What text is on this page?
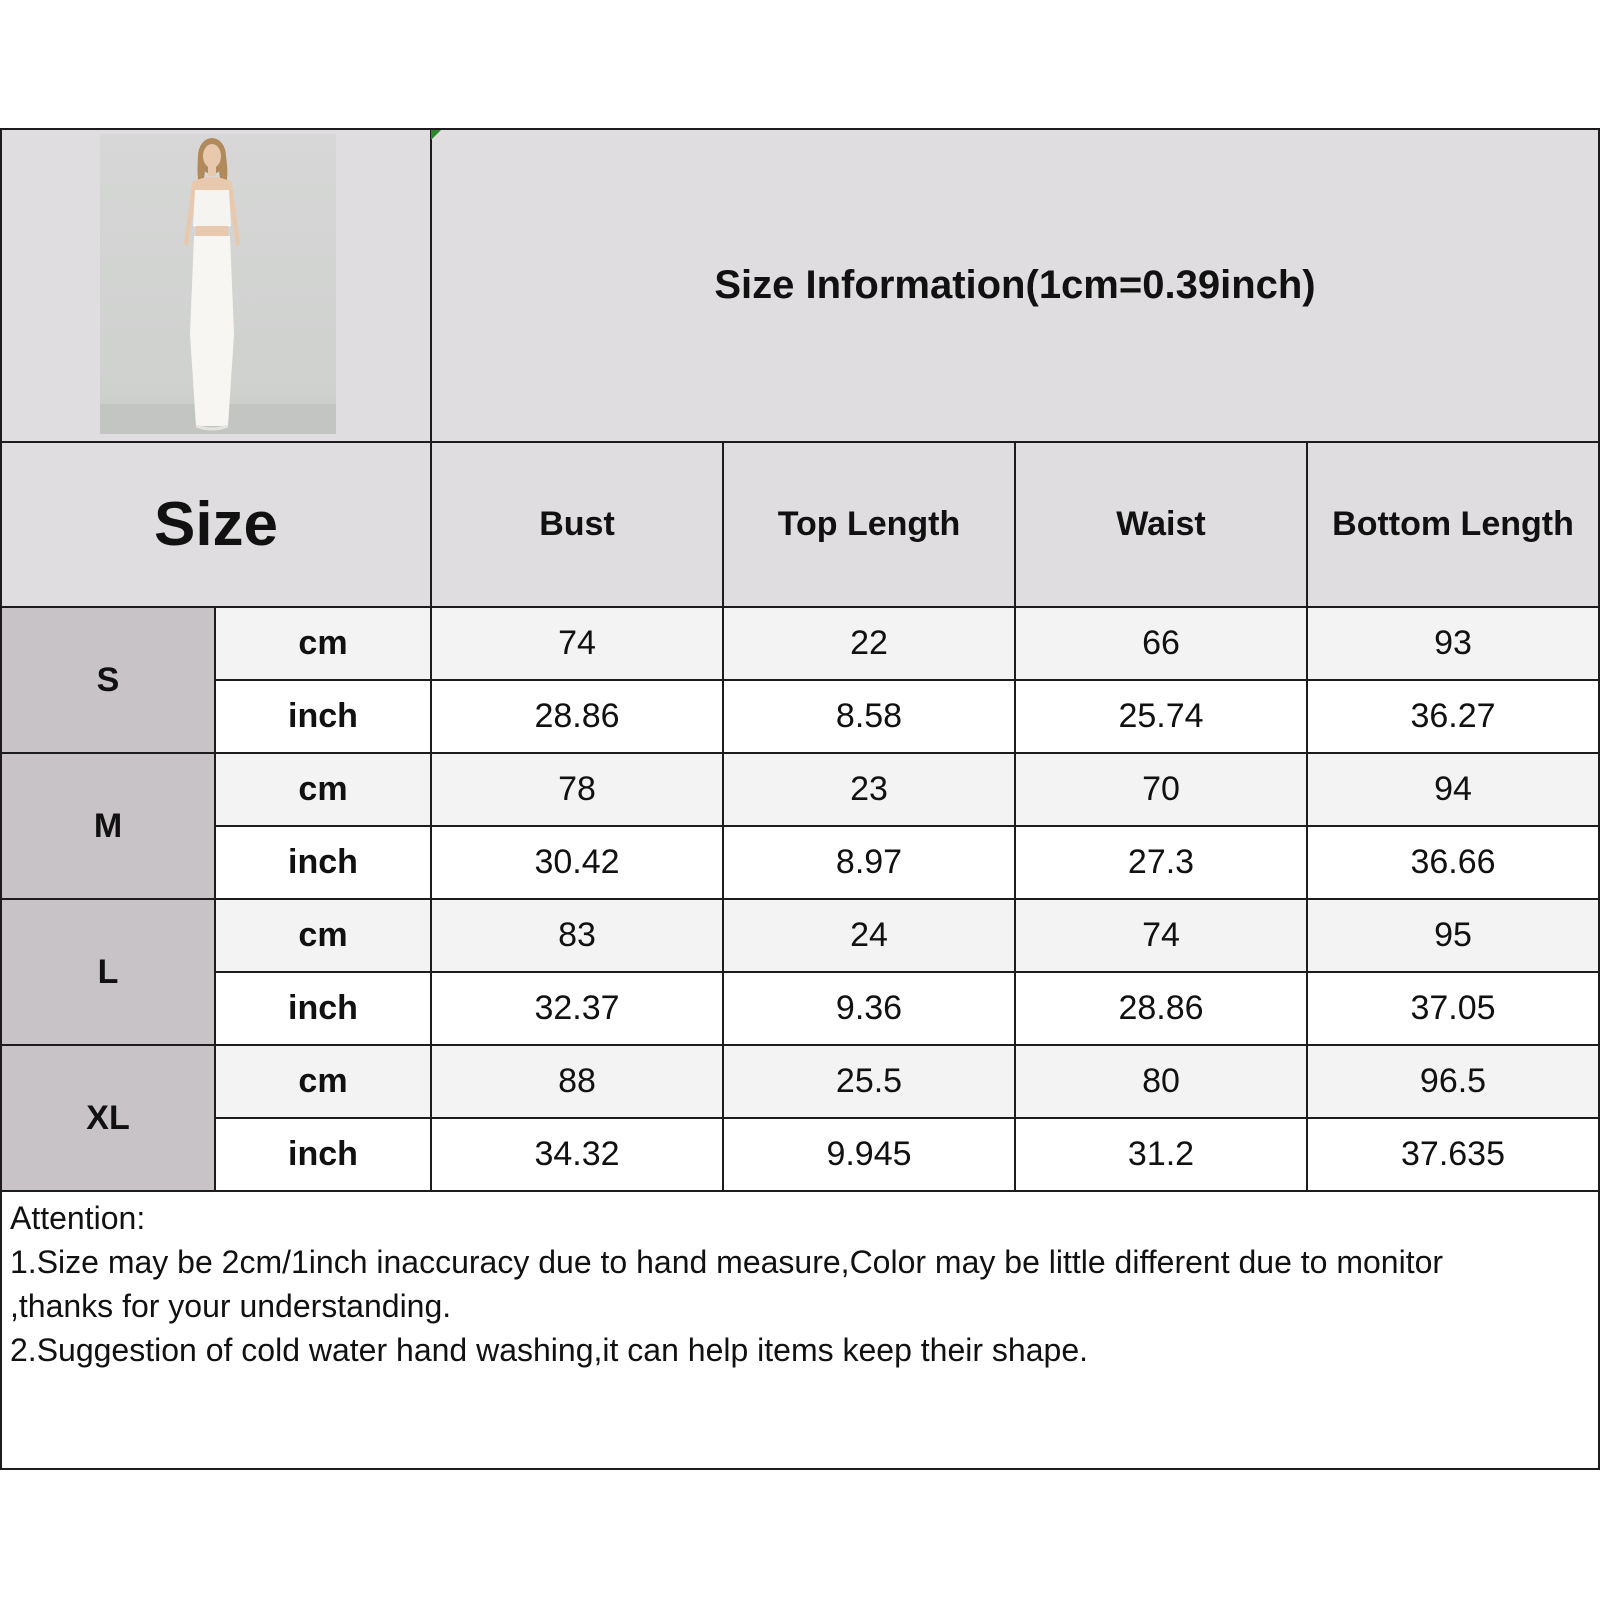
Size Information(1cm=0.39inch)
Size	Bust	Top Length	Waist	Bottom Length
S
cm	74	22	66	93
inch	28.86	8.58	25.74	36.27
M
cm	78	23	70	94
inch	30.42	8.97	27.3	36.66
L
cm	83	24	74	95
inch	32.37	9.36	28.86	37.05
XL
cm	88	25.5	80	96.5
inch	34.32	9.945	31.2	37.635

Attention:

1.Size may be 2cm/1inch inaccuracy due to hand measure,Color may be little different due to monitor

,thanks for your understanding.

2.Suggestion of cold water hand washing,it can help items keep their shape.
